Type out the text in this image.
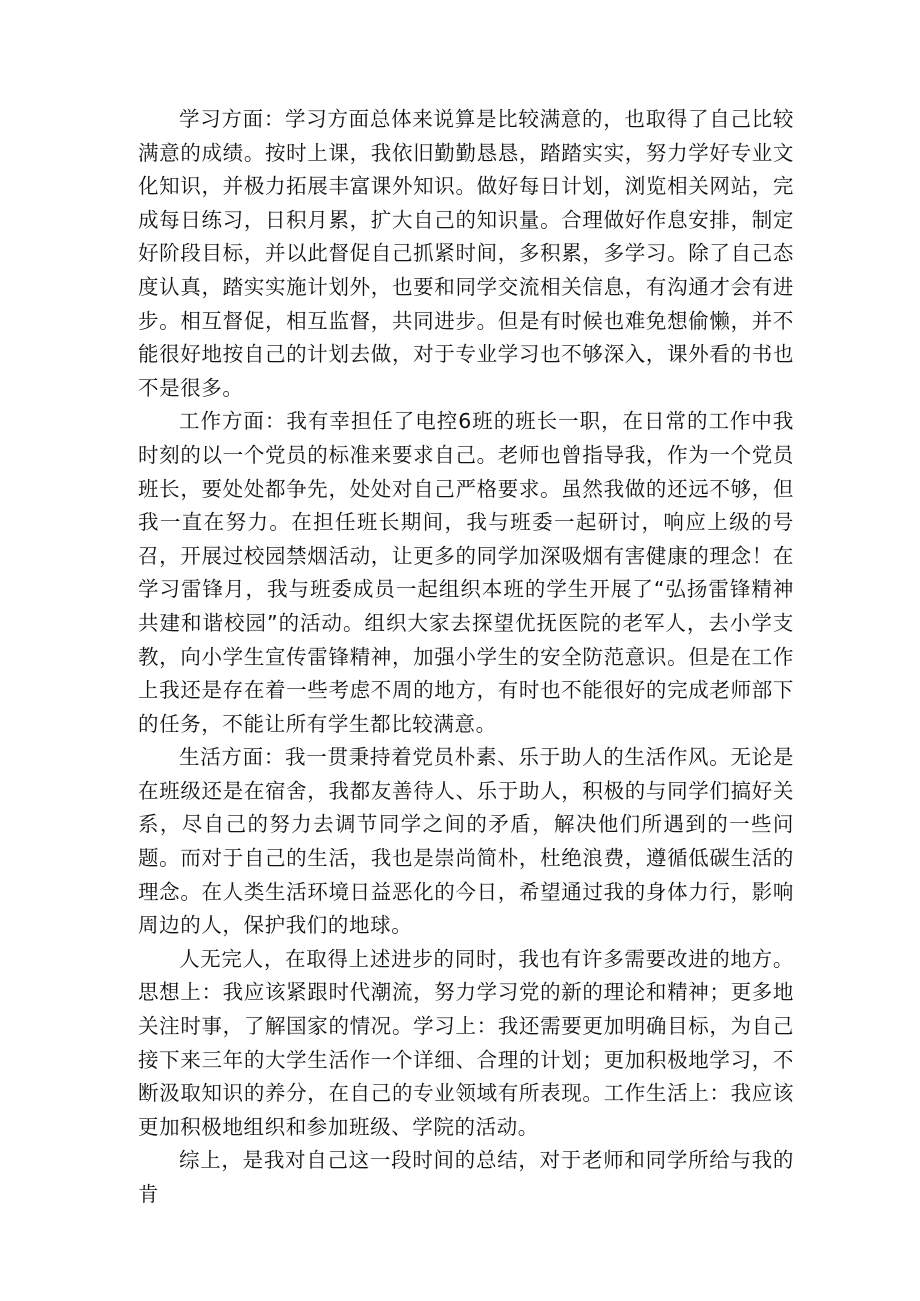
学习方面：学习方面总体来说算是比较满意的，也取得了自己比较满意的成绩。按时上课，我依旧勤勤恳恳，踏踏实实，努力学好专业文化知识，并极力拓展丰富课外知识。做好每日计划，浏览相关网站，完成每日练习，日积月累，扩大自己的知识量。合理做好作息安排，制定好阶段目标，并以此督促自己抓紧时间，多积累，多学习。除了自己态度认真，踏实实施计划外，也要和同学交流相关信息，有沟通才会有进步。相互督促，相互监督，共同进步。但是有时候也难免想偷懒，并不能很好地按自己的计划去做，对于专业学习也不够深入，课外看的书也不是很多。

工作方面：我有幸担任了电控6班的班长一职，在日常的工作中我时刻的以一个党员的标准来要求自己。老师也曾指导我，作为一个党员班长，要处处都争先，处处对自己严格要求。虽然我做的还远不够，但我一直在努力。在担任班长期间，我与班委一起研讨，响应上级的号召，开展过校园禁烟活动，让更多的同学加深吸烟有害健康的理念！在学习雷锋月，我与班委成员一起组织本班的学生开展了“弘扬雷锋精神共建和谐校园”的活动。组织大家去探望优抚医院的老军人，去小学支教，向小学生宣传雷锋精神，加强小学生的安全防范意识。但是在工作上我还是存在着一些考虑不周的地方，有时也不能很好的完成老师部下的任务，不能让所有学生都比较满意。

生活方面：我一贯秉持着党员朴素、乐于助人的生活作风。无论是在班级还是在宿舍，我都友善待人、乐于助人，积极的与同学们搞好关系，尽自己的努力去调节同学之间的矛盾，解决他们所遇到的一些问题。而对于自己的生活，我也是崇尚简朴，杜绝浪费，遵循低碳生活的理念。在人类生活环境日益恶化的今日，希望通过我的身体力行，影响周边的人，保护我们的地球。

人无完人，在取得上述进步的同时，我也有许多需要改进的地方。思想上：我应该紧跟时代潮流，努力学习党的新的理论和精神；更多地关注时事，了解国家的情况。学习上：我还需要更加明确目标，为自己接下来三年的大学生活作一个详细、合理的计划；更加积极地学习，不断汲取知识的养分，在自己的专业领域有所表现。工作生活上：我应该更加积极地组织和参加班级、学院的活动。

综上，是我对自己这一段时间的总结，对于老师和同学所给与我的肯
